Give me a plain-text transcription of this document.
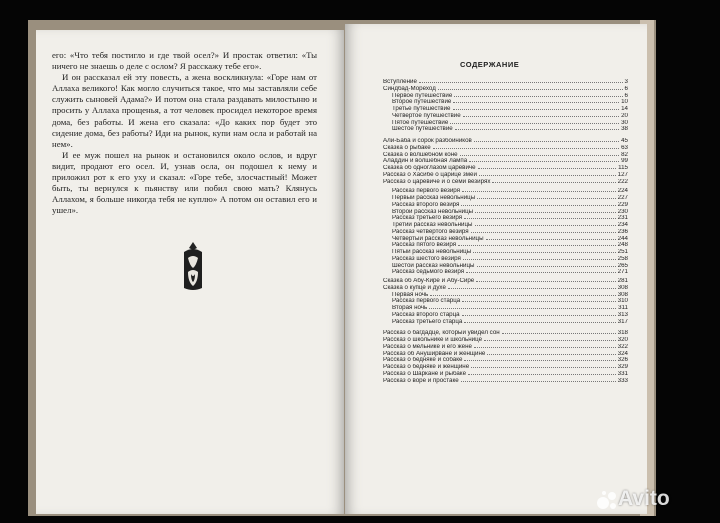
его: «Что тебя постигло и где твой осел?» И простак ответил: «Ты ничего не знаешь о деле с ослом? Я расскажу тебе его».

И он рассказал ей эту повесть, а жена воскликнула: «Горе нам от Аллаха великого! Как могло случиться такое, что мы заставляли себе служить сыновей Адама?» И потом она стала раздавать милостыню и просить у Аллаха прощенья, а тот человек просидел некоторое время дома, без работы. И жена его сказала: «До каких пор будет это сидение дома, без работы? Иди на рынок, купи нам осла и работай на нем».

И ее муж пошел на рынок и остановился около ослов, и вдруг видит, продают его осел. И, узнав осла, он подошел к нему и приложил рот к его уху и сказал: «Горе тебе, злосчастный! Может быть, ты вернулся к пьянству или побил свою мать? Клянусь Аллахом, я больше никогда тебя не куплю» А потом он оставил его и ушел».

СОДЕРЖАНИЕ
Вступление	3
Синдбад-Мореход	6
Первое путешествие	6
Второе путешествие	10
Третье путешествие	14
Четвертое путешествие	20
Пятое путешествие	30
Шестое путешествие	38
Али-Баба и сорок разбойников	45
Сказка о рыбаке	63
Сказка о волшебном коне	82
Аладдин и волшебная лампа	99
Сказка об одноглазом царевиче	115
Рассказ о Хасибе о царице змей	127
Рассказ о царевиче и о семи везирях	222
Рассказ первого везиря	224
Первый рассказ невольницы	227
Рассказ второго везиря	229
Второй рассказ невольницы	230
Рассказ третьего везиря	231
Третий рассказ невольницы	234
Рассказ четвертого везиря	236
Четвертый рассказ невольницы	244
Рассказ пятого везиря	248
Пятый рассказ невольницы	251
Рассказ шестого везиря	258
Шестой рассказ невольницы	265
Рассказ седьмого везиря	271
Сказка об Абу-Кире и Абу-Сире	281
Сказка о купце и духе	308
Первая ночь	308
Рассказ первого старца	310
Вторая ночь	311
Рассказ второго старца	313
Рассказ третьего старца	317
Рассказ о багдадце, который увидел сон	318
Рассказ о школьнике и школьнице	320
Рассказ о мельнике и его жене	322
Рассказ об Ануширване и женщине	324
Рассказ о бедняке и собаке	326
Рассказ о бедняке и женщине	329
Рассказ о Шаркане и рыбаке	331
Рассказ о воре и простаке	333
Avito
